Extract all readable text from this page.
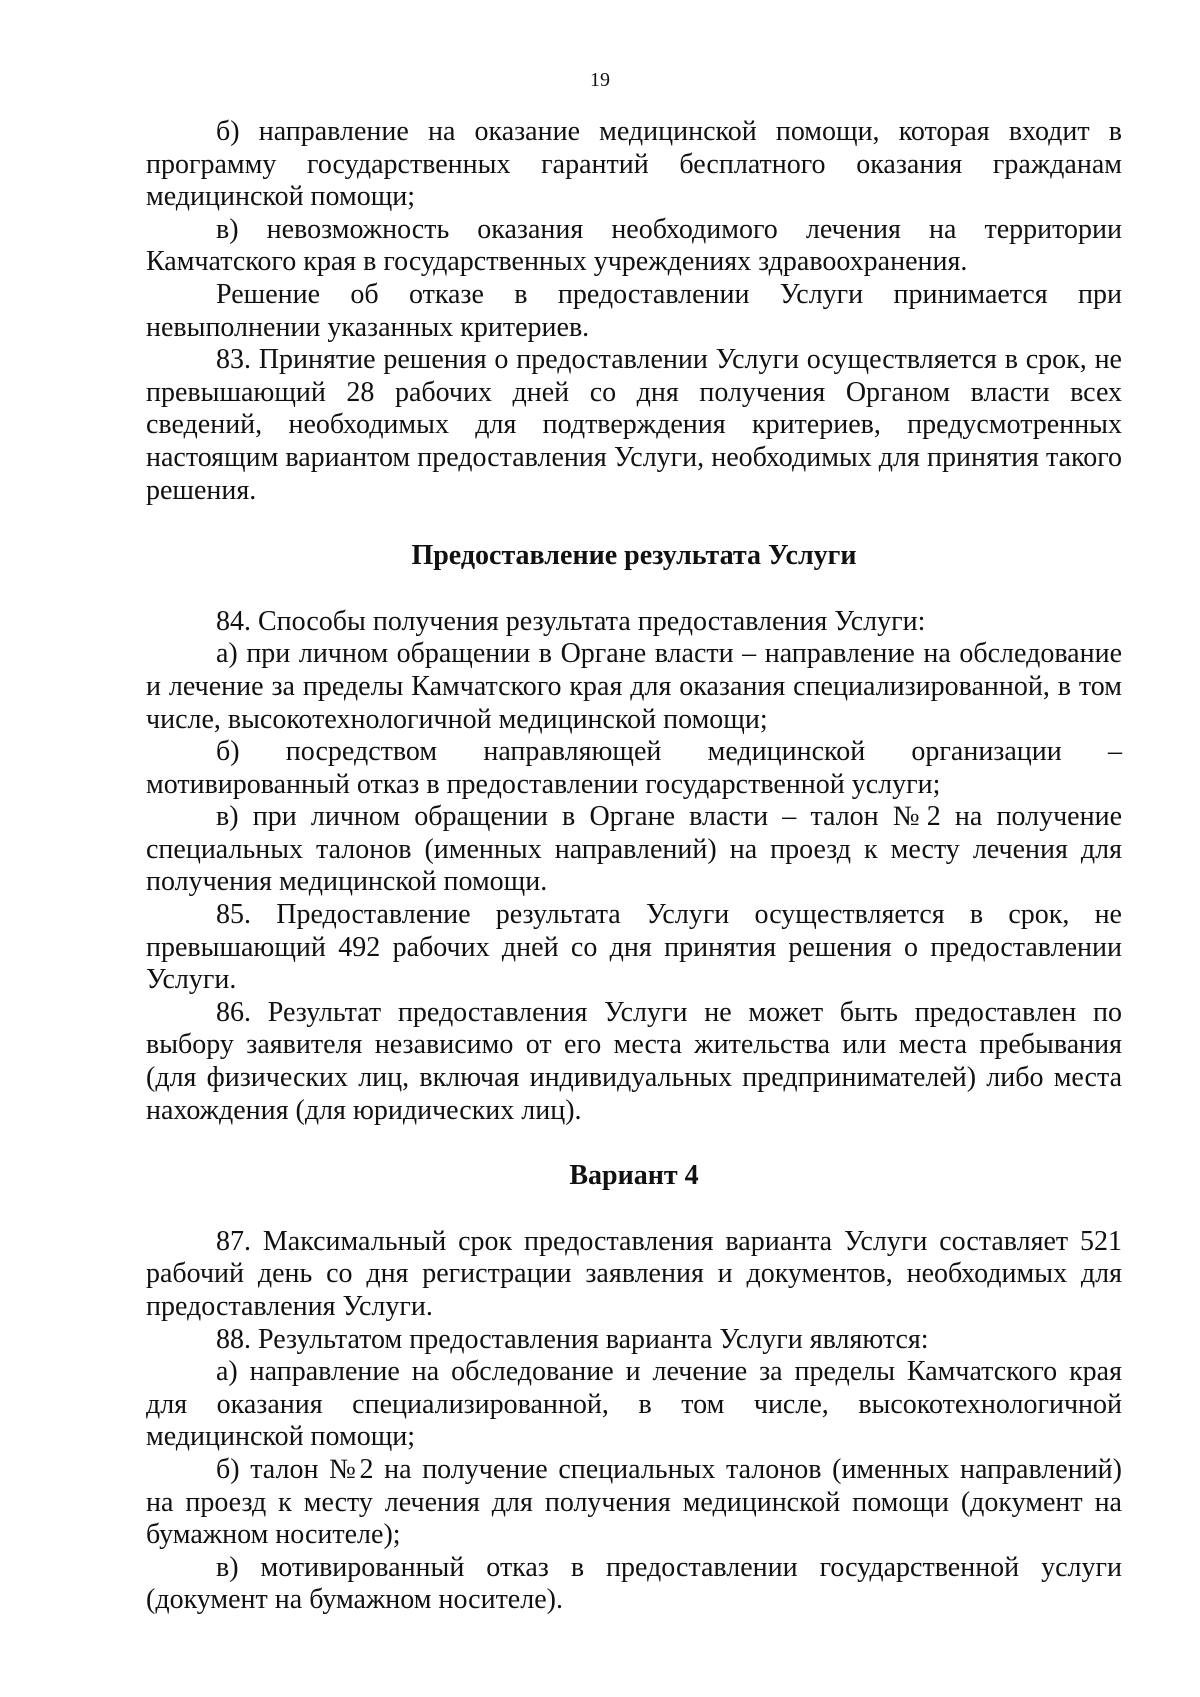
19

б) направление на оказание медицинской помощи, которая входит в программу государственных гарантий бесплатного оказания гражданам медицинской помощи;

в) невозможность оказания необходимого лечения на территории Камчатского края в государственных учреждениях здравоохранения.

Решение об отказе в предоставлении Услуги принимается при невыполнении указанных критериев.

83. Принятие решения о предоставлении Услуги осуществляется в срок, не превышающий 28 рабочих дней со дня получения Органом власти всех сведений, необходимых для подтверждения критериев, предусмотренных настоящим вариантом предоставления Услуги, необходимых для принятия такого решения.

Предоставление результата Услуги

84. Способы получения результата предоставления Услуги:

а) при личном обращении в Органе власти – направление на обследование и лечение за пределы Камчатского края для оказания специализированной, в том числе, высокотехнологичной медицинской помощи;

б) посредством направляющей медицинской организации – мотивированный отказ в предоставлении государственной услуги;

в) при личном обращении в Органе власти – талон №2 на получение специальных талонов (именных направлений) на проезд к месту лечения для получения медицинской помощи.

85. Предоставление результата Услуги осуществляется в срок, не превышающий 492 рабочих дней со дня принятия решения о предоставлении Услуги.

86. Результат предоставления Услуги не может быть предоставлен по выбору заявителя независимо от его места жительства или места пребывания (для физических лиц, включая индивидуальных предпринимателей) либо места нахождения (для юридических лиц).

Вариант 4

87. Максимальный срок предоставления варианта Услуги составляет 521 рабочий день со дня регистрации заявления и документов, необходимых для предоставления Услуги.

88. Результатом предоставления варианта Услуги являются:

а) направление на обследование и лечение за пределы Камчатского края для оказания специализированной, в том числе, высокотехнологичной медицинской помощи;

б) талон №2 на получение специальных талонов (именных направлений) на проезд к месту лечения для получения медицинской помощи (документ на бумажном носителе);

в) мотивированный отказ в предоставлении государственной услуги (документ на бумажном носителе).
